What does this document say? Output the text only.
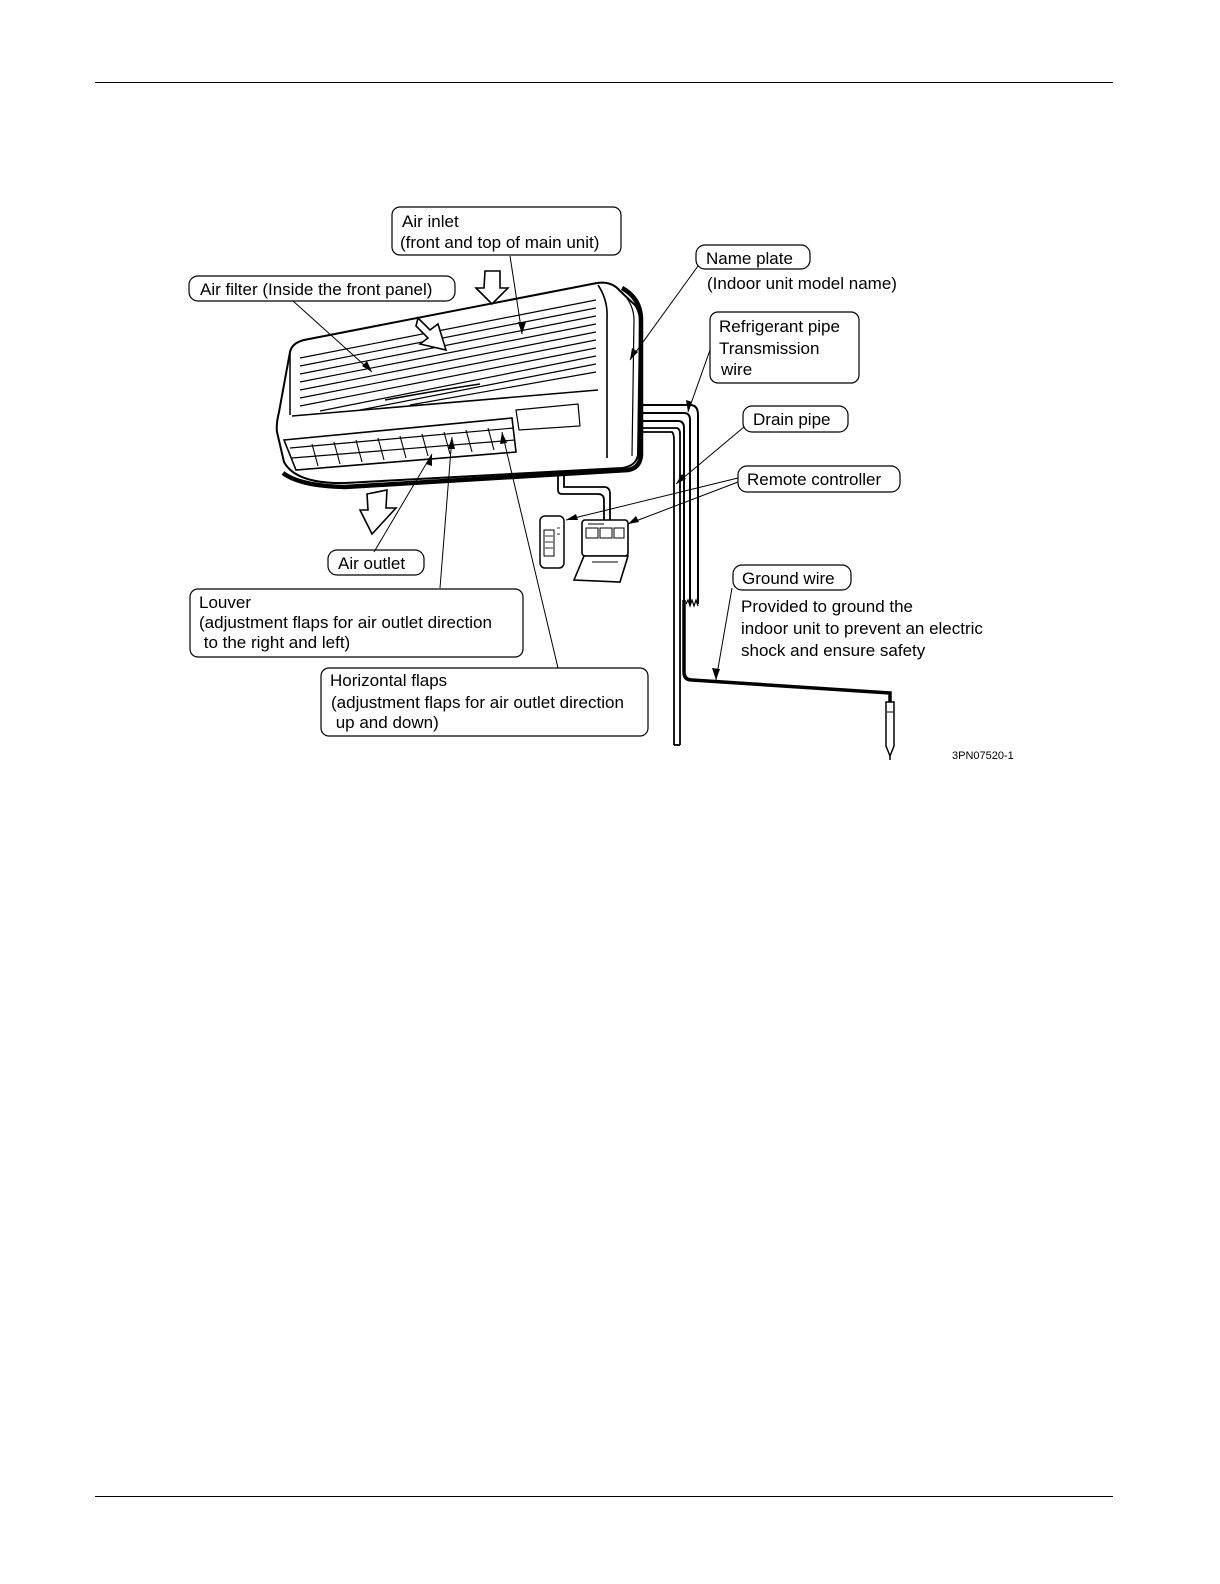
Air inlet
(front and top of main unit)
Name plate
(Indoor unit model name)
Air filter (Inside the front panel)
Refrigerant pipe
Transmission
wire
Drain pipe
Remote controller
Air outlet
Ground wire
Provided to ground the
indoor unit to prevent an electric
shock and ensure safety
Louver
(adjustment flaps for air outlet direction
to the right and left)
Horizontal flaps
(adjustment flaps for air outlet direction
up and down)
3PN07520-1
